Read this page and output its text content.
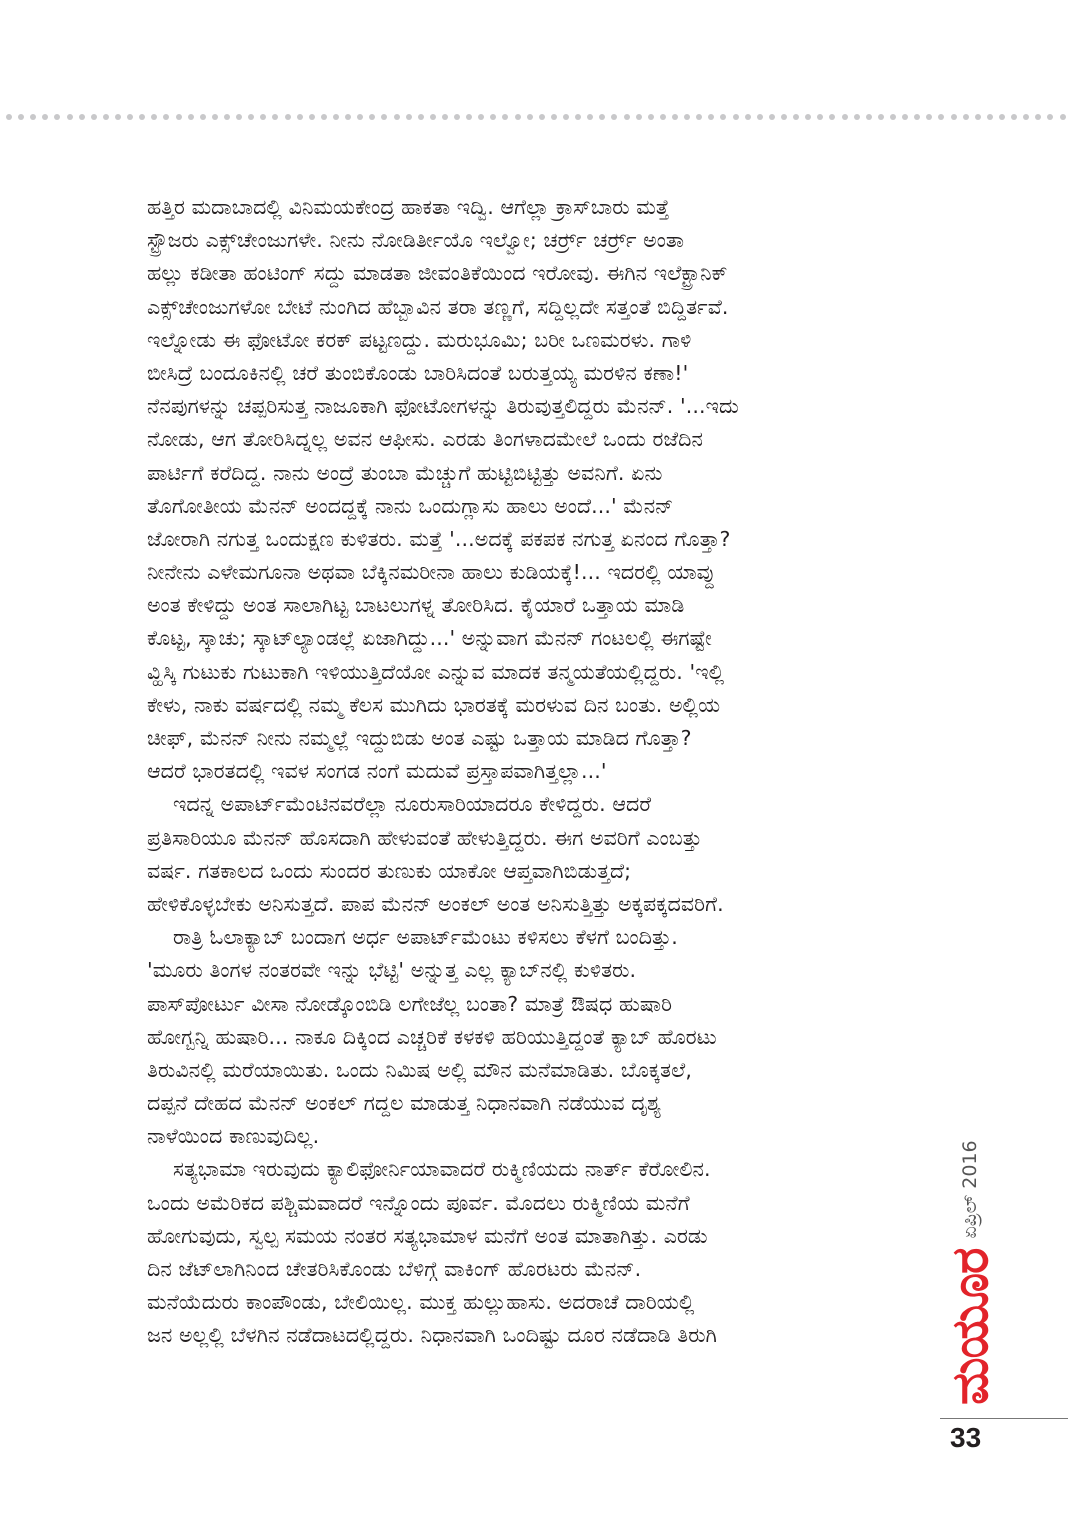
ಹತ್ತಿರ ಮದಾಬಾದಲ್ಲಿ ವಿನಿಮಯಕೇಂದ್ರ ಹಾಕತಾ ಇದ್ವಿ. ಆಗೆಲ್ಲಾ ಕ್ರಾಸ್‌ಬಾರು ಮತ್ತೆ
ಸ್ಟ್ರೌಜರು ಎಕ್ಸ್‌ಚೇಂಜುಗಳೇ. ನೀನು ನೋಡಿರ್ತೀಯೊ ಇಲ್ವೋ; ಚರ್ರ್ರ್ ಚರ್ರ್ರ್ ಅಂತಾ
ಹಲ್ಲು ಕಡೀತಾ ಹಂಟಿಂಗ್ ಸದ್ದು ಮಾಡತಾ ಜೀವಂತಿಕೆಯಿಂದ ಇರೋವು. ಈಗಿನ ಇಲೆಕ್ಟ್ರಾನಿಕ್
ಎಕ್ಸ್‌ಚೇಂಜುಗಳೋ ಬೇಟೆ ನುಂಗಿದ ಹೆಬ್ಬಾವಿನ ತರಾ ತಣ್ಣಗೆ, ಸದ್ದಿಲ್ಲದೇ ಸತ್ತಂತೆ ಬಿದ್ದಿರ್ತವೆ.
ಇಲ್ನೋಡು ಈ ಫೋಟೋ ಕರಕ್ ಪಟ್ಟಣದ್ದು. ಮರುಭೂಮಿ; ಬರೀ ಒಣಮರಳು. ಗಾಳಿ
ಬೀಸಿದ್ರೆ ಬಂದೂಕಿನಲ್ಲಿ ಚರೆ ತುಂಬಿಕೊಂಡು ಬಾರಿಸಿದಂತೆ ಬರುತ್ತಯ್ಯ ಮರಳಿನ ಕಣಾ!'
ನೆನಪುಗಳನ್ನು ಚಪ್ಪರಿಸುತ್ತ ನಾಜೂಕಾಗಿ ಫೋಟೋಗಳನ್ನು ತಿರುವುತ್ತಲಿದ್ದರು ಮೆನನ್. '...ಇದು
ನೋಡು, ಆಗ ತೋರಿಸಿದ್ನಲ್ಲ ಅವನ ಆಫೀಸು. ಎರಡು ತಿಂಗಳಾದಮೇಲೆ ಒಂದು ರಜೆದಿನ
ಪಾರ್ಟಿಗೆ ಕರೆದಿದ್ದ. ನಾನು ಅಂದ್ರೆ ತುಂಬಾ ಮೆಚ್ಚುಗೆ ಹುಟ್ಟಿಬಿಟ್ಟಿತ್ತು ಅವನಿಗೆ. ಏನು
ತೊಗೋತೀಯ ಮೆನನ್ ಅಂದದ್ದಕ್ಕೆ ನಾನು ಒಂದುಗ್ಲಾಸು ಹಾಲು ಅಂದೆ...' ಮೆನನ್
ಜೋರಾಗಿ ನಗುತ್ತ ಒಂದುಕ್ಷಣ ಕುಳಿತರು. ಮತ್ತೆ '...ಅದಕ್ಕೆ ಪಕಪಕ ನಗುತ್ತ ಏನಂದ ಗೊತ್ತಾ?
ನೀನೇನು ಎಳೇಮಗೂನಾ ಅಥವಾ ಬೆಕ್ಕಿನಮರೀನಾ ಹಾಲು ಕುಡಿಯಕ್ಕೆ!... ಇದರಲ್ಲಿ ಯಾವ್ದು
ಅಂತ ಕೇಳಿದ್ದು ಅಂತ ಸಾಲಾಗಿಟ್ಟ ಬಾಟಲುಗಳ್ನ ತೋರಿಸಿದ. ಕೈಯಾರೆ ಒತ್ತಾಯ ಮಾಡಿ
ಕೊಟ್ಟ, ಸ್ಕಾಚು; ಸ್ಕಾಟ್‌ಲ್ಯಾಂಡಲ್ಲೆ ಏಜಾಗಿದ್ದು...' ಅನ್ನುವಾಗ ಮೆನನ್ ಗಂಟಲಲ್ಲಿ ಈಗಷ್ಟೇ
ವ್ಹಿಸ್ಕಿ ಗುಟುಕು ಗುಟುಕಾಗಿ ಇಳಿಯುತ್ತಿದೆಯೋ ಎನ್ನುವ ಮಾದಕ ತನ್ಮಯತೆಯಲ್ಲಿದ್ದರು. 'ಇಲ್ಲಿ
ಕೇಳು, ನಾಕು ವರ್ಷದಲ್ಲಿ ನಮ್ಮ ಕೆಲಸ ಮುಗಿದು ಭಾರತಕ್ಕೆ ಮರಳುವ ದಿನ ಬಂತು. ಅಲ್ಲಿಯ
ಚೀಫ್, ಮೆನನ್ ನೀನು ನಮ್ಮಲ್ಲೆ ಇದ್ದುಬಿಡು ಅಂತ ಎಷ್ಟು ಒತ್ತಾಯ ಮಾಡಿದ ಗೊತ್ತಾ?
ಆದರೆ ಭಾರತದಲ್ಲಿ ಇವಳ ಸಂಗಡ ನಂಗೆ ಮದುವೆ ಪ್ರಸ್ತಾಪವಾಗಿತ್ತಲ್ಲಾ...'
ಇದನ್ನ ಅಪಾರ್ಟ್‌ಮೆಂಟಿನವರೆಲ್ಲಾ ನೂರುಸಾರಿಯಾದರೂ ಕೇಳಿದ್ದರು. ಆದರೆ
ಪ್ರತಿಸಾರಿಯೂ ಮೆನನ್ ಹೊಸದಾಗಿ ಹೇಳುವಂತೆ ಹೇಳುತ್ತಿದ್ದರು. ಈಗ ಅವರಿಗೆ ಎಂಬತ್ತು
ವರ್ಷ. ಗತಕಾಲದ ಒಂದು ಸುಂದರ ತುಣುಕು ಯಾಕೋ ಆಪ್ತವಾಗಿಬಿಡುತ್ತದೆ;
ಹೇಳಿಕೊಳ್ಳಬೇಕು ಅನಿಸುತ್ತದೆ. ಪಾಪ ಮೆನನ್ ಅಂಕಲ್ ಅಂತ ಅನಿಸುತ್ತಿತ್ತು ಅಕ್ಕಪಕ್ಕದವರಿಗೆ.
ರಾತ್ರಿ ಓಲಾಕ್ಯಾಬ್ ಬಂದಾಗ ಅರ್ಧ ಅಪಾರ್ಟ್‌ಮೆಂಟು ಕಳಿಸಲು ಕೆಳಗೆ ಬಂದಿತ್ತು.
'ಮೂರು ತಿಂಗಳ ನಂತರವೇ ಇನ್ನು ಭೆಟ್ಟಿ' ಅನ್ನುತ್ತ ಎಲ್ಲ ಕ್ಯಾಬ್‌ನಲ್ಲಿ ಕುಳಿತರು.
ಪಾಸ್‌ಪೋರ್ಟು ವೀಸಾ ನೋಡ್ಕೊಂಬಿಡಿ ಲಗೇಜೆಲ್ಲ ಬಂತಾ? ಮಾತ್ರೆ ಔಷಧ ಹುಷಾರಿ
ಹೋಗ್ಬನ್ನಿ ಹುಷಾರಿ... ನಾಕೂ ದಿಕ್ಕಿಂದ ಎಚ್ಚರಿಕೆ ಕಳಕಳಿ ಹರಿಯುತ್ತಿದ್ದಂತೆ ಕ್ಯಾಬ್ ಹೊರಟು
ತಿರುವಿನಲ್ಲಿ ಮರೆಯಾಯಿತು. ಒಂದು ನಿಮಿಷ ಅಲ್ಲಿ ಮೌನ ಮನೆಮಾಡಿತು. ಬೊಕ್ಕತಲೆ,
ದಪ್ಪನೆ ದೇಹದ ಮೆನನ್ ಅಂಕಲ್ ಗದ್ದಲ ಮಾಡುತ್ತ ನಿಧಾನವಾಗಿ ನಡೆಯುವ ದೃಶ್ಯ
ನಾಳೆಯಿಂದ ಕಾಣುವುದಿಲ್ಲ.
ಸತ್ಯಭಾಮಾ ಇರುವುದು ಕ್ಯಾಲಿಫೋರ್ನಿಯಾವಾದರೆ ರುಕ್ಮಿಣಿಯದು ನಾರ್ತ್ ಕೆರೋಲಿನ.
ಒಂದು ಅಮೆರಿಕದ ಪಶ್ಚಿಮವಾದರೆ ಇನ್ನೊಂದು ಪೂರ್ವ. ಮೊದಲು ರುಕ್ಮಿಣಿಯ ಮನೆಗೆ
ಹೋಗುವುದು, ಸ್ವಲ್ಪ ಸಮಯ ನಂತರ ಸತ್ಯಭಾಮಾಳ ಮನೆಗೆ ಅಂತ ಮಾತಾಗಿತ್ತು. ಎರಡು
ದಿನ ಜೆಟ್‌ಲಾಗಿನಿಂದ ಚೇತರಿಸಿಕೊಂಡು ಬೆಳಿಗ್ಗೆ ವಾಕಿಂಗ್ ಹೊರಟರು ಮೆನನ್.
ಮನೆಯೆದುರು ಕಾಂಪೌಂಡು, ಬೇಲಿಯಿಲ್ಲ. ಮುಕ್ತ ಹುಲ್ಲುಹಾಸು. ಅದರಾಚೆ ದಾರಿಯಲ್ಲಿ
ಜನ ಅಲ್ಲಲ್ಲಿ ಬೆಳಗಿನ ನಡೆದಾಟದಲ್ಲಿದ್ದರು. ನಿಧಾನವಾಗಿ ಒಂದಿಷ್ಟು ದೂರ ನಡೆದಾಡಿ ತಿರುಗಿ	ಮಯೂರ
ಏಪ್ರಿಲ್ 2016
33
